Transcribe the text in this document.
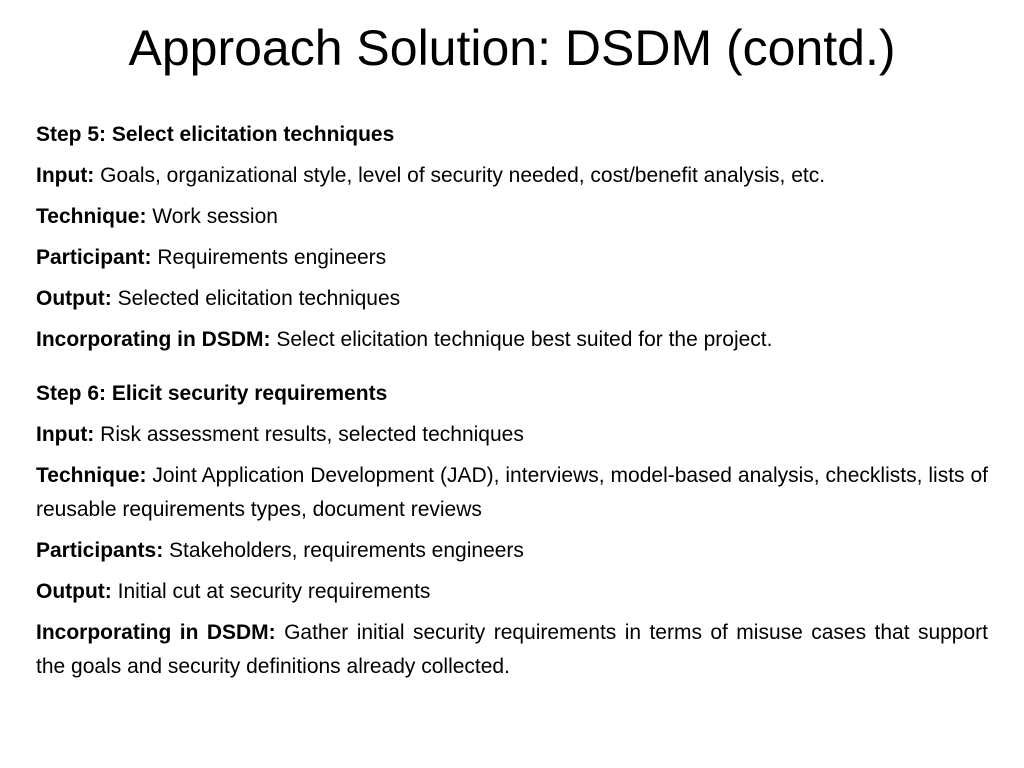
Approach Solution: DSDM (contd.)

Step 5: Select elicitation techniques

Input: Goals, organizational style, level of security needed, cost/benefit analysis, etc.

Technique: Work session

Participant: Requirements engineers

Output: Selected elicitation techniques

Incorporating in DSDM: Select elicitation technique best suited for the project.

Step 6: Elicit security requirements

Input: Risk assessment results, selected techniques

Technique: Joint Application Development (JAD), interviews, model-based analysis, checklists, lists of reusable requirements types, document reviews

Participants: Stakeholders, requirements engineers

Output: Initial cut at security requirements

Incorporating in DSDM: Gather initial security requirements in terms of misuse cases that support the goals and security definitions already collected.
